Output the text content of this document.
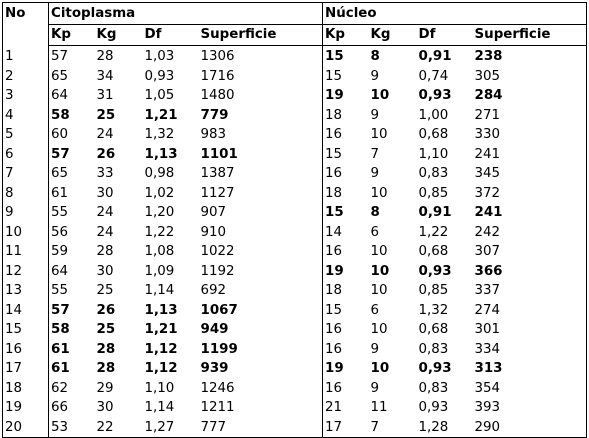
No	Citoplasma				Núcleo			
	Kp	Kg	Df	Superficie	Kp	Kg	Df	Superficie
1	57	28	1,03	1306	15	8	0,91	238
2	65	34	0,93	1716	15	9	0,74	305
3	64	31	1,05	1480	19	10	0,93	284
4	58	25	1,21	779	18	9	1,00	271
5	60	24	1,32	983	16	10	0,68	330
6	57	26	1,13	1101	15	7	1,10	241
7	65	33	0,98	1387	16	9	0,83	345
8	61	30	1,02	1127	18	10	0,85	372
9	55	24	1,20	907	15	8	0,91	241
10	56	24	1,22	910	14	6	1,22	242
11	59	28	1,08	1022	16	10	0,68	307
12	64	30	1,09	1192	19	10	0,93	366
13	55	25	1,14	692	18	10	0,85	337
14	57	26	1,13	1067	15	6	1,32	274
15	58	25	1,21	949	16	10	0,68	301
16	61	28	1,12	1199	16	9	0,83	334
17	61	28	1,12	939	19	10	0,93	313
18	62	29	1,10	1246	16	9	0,83	354
19	66	30	1,14	1211	21	11	0,93	393
20	53	22	1,27	777	17	7	1,28	290
